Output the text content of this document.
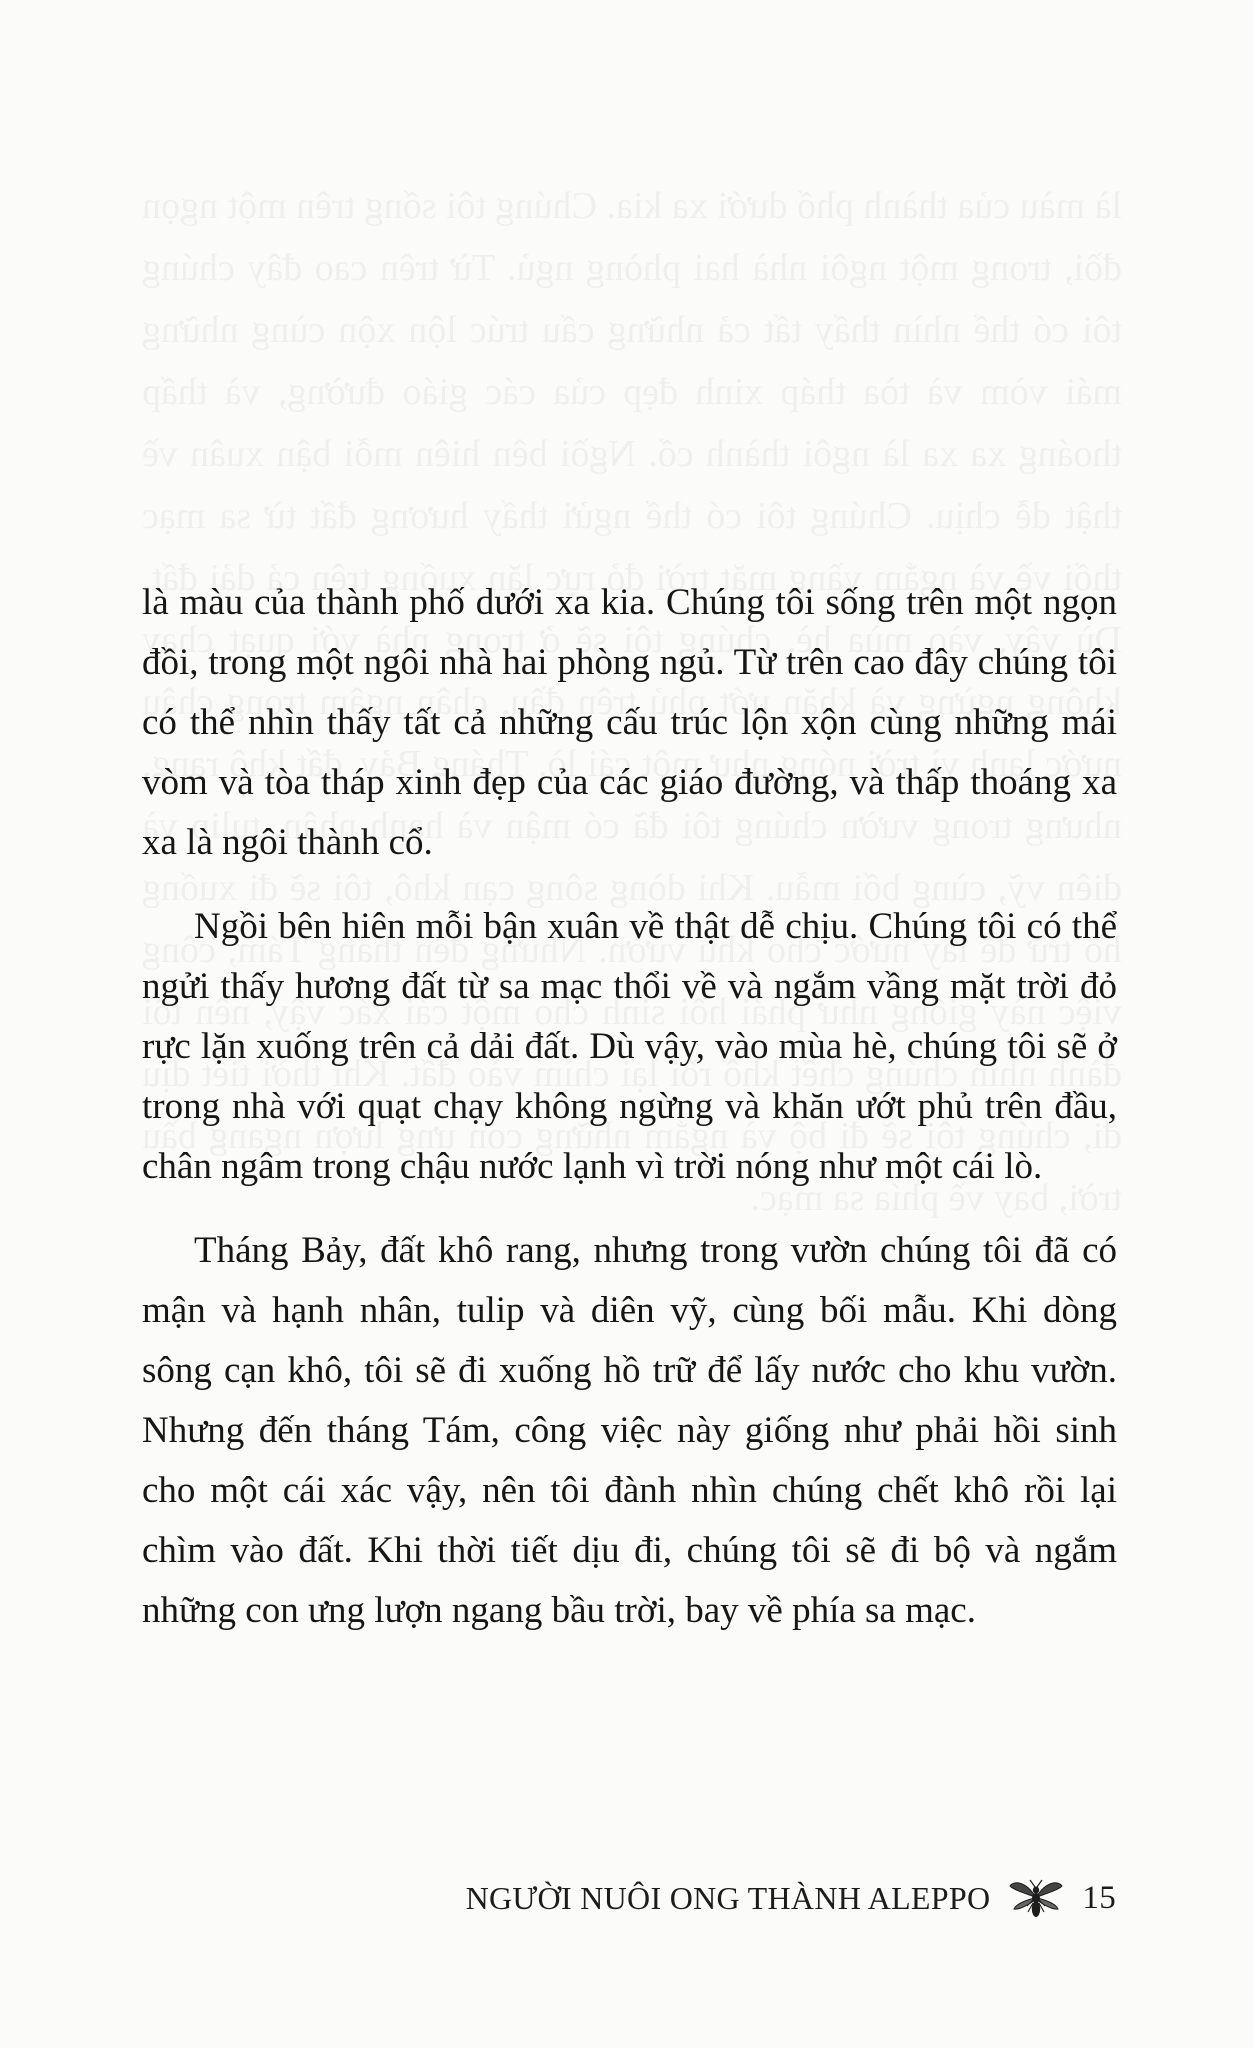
là màu của thành phố dưới xa kia. Chúng tôi sống trên một ngọn đồi, trong một ngôi nhà hai phòng ngủ. Từ trên cao đây chúng tôi có thể nhìn thấy tất cả những cấu trúc lộn xộn cùng những mái vòm và tòa tháp xinh đẹp của các giáo đường, và thấp thoáng xa xa là ngôi thành cổ.

Ngồi bên hiên mỗi bận xuân về thật dễ chịu. Chúng tôi có thể ngửi thấy hương đất từ sa mạc thổi về và ngắm vầng mặt trời đỏ rực lặn xuống trên cả dải đất. Dù vậy, vào mùa hè, chúng tôi sẽ ở trong nhà với quạt chạy không ngừng và khăn ướt phủ trên đầu, chân ngâm trong chậu nước lạnh vì trời nóng như một cái lò.

Tháng Bảy, đất khô rang, nhưng trong vườn chúng tôi đã có mận và hạnh nhân, tulip và diên vỹ, cùng bối mẫu. Khi dòng sông cạn khô, tôi sẽ đi xuống hồ trữ để lấy nước cho khu vườn. Nhưng đến tháng Tám, công việc này giống như phải hồi sinh cho một cái xác vậy, nên tôi đành nhìn chúng chết khô rồi lại chìm vào đất. Khi thời tiết dịu đi, chúng tôi sẽ đi bộ và ngắm những con ưng lượn ngang bầu trời, bay về phía sa mạc.

NGƯỜI NUÔI ONG THÀNH ALEPPO	15
